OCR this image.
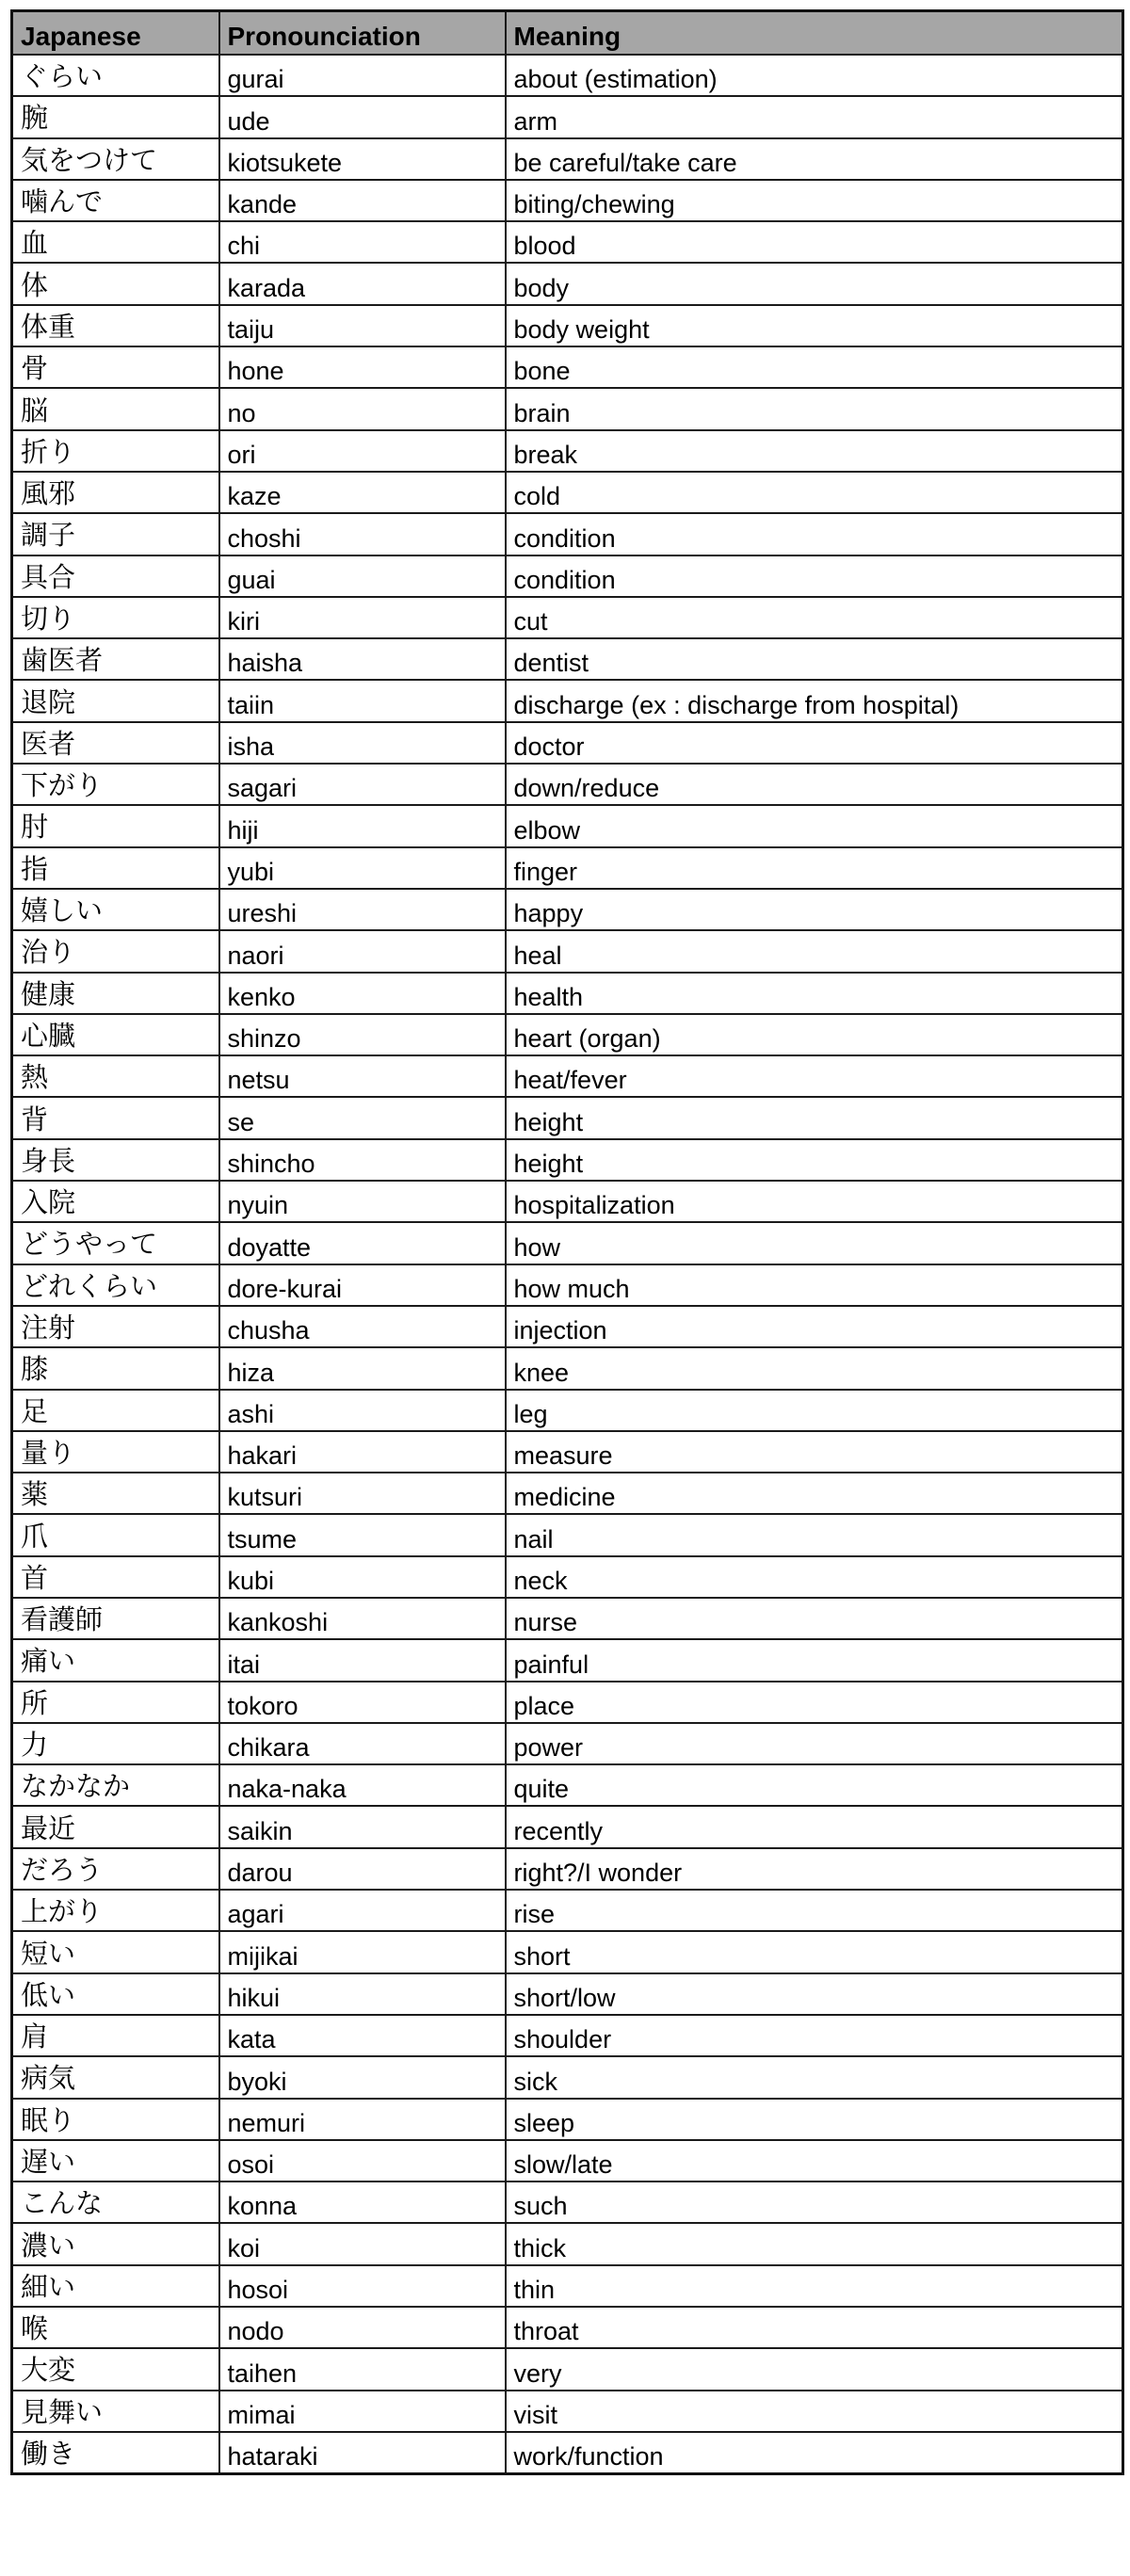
Japanese	Pronounciation	Meaning
ぐらい	gurai	about (estimation)
腕	ude	arm
気をつけて	kiotsukete	be careful/take care
噛んで	kande	biting/chewing
血	chi	blood
体	karada	body
体重	taiju	body weight
骨	hone	bone
脳	no	brain
折り	ori	break
風邪	kaze	cold
調子	choshi	condition
具合	guai	condition
切り	kiri	cut
歯医者	haisha	dentist
退院	taiin	discharge (ex : discharge from hospital)
医者	isha	doctor
下がり	sagari	down/reduce
肘	hiji	elbow
指	yubi	finger
嬉しい	ureshi	happy
治り	naori	heal
健康	kenko	health
心臓	shinzo	heart (organ)
熱	netsu	heat/fever
背	se	height
身長	shincho	height
入院	nyuin	hospitalization
どうやって	doyatte	how
どれくらい	dore-kurai	how much
注射	chusha	injection
膝	hiza	knee
足	ashi	leg
量り	hakari	measure
薬	kutsuri	medicine
爪	tsume	nail
首	kubi	neck
看護師	kankoshi	nurse
痛い	itai	painful
所	tokoro	place
力	chikara	power
なかなか	naka-naka	quite
最近	saikin	recently
だろう	darou	right?/I wonder
上がり	agari	rise
短い	mijikai	short
低い	hikui	short/low
肩	kata	shoulder
病気	byoki	sick
眠り	nemuri	sleep
遅い	osoi	slow/late
こんな	konna	such
濃い	koi	thick
細い	hosoi	thin
喉	nodo	throat
大変	taihen	very
見舞い	mimai	visit
働き	hataraki	work/function
